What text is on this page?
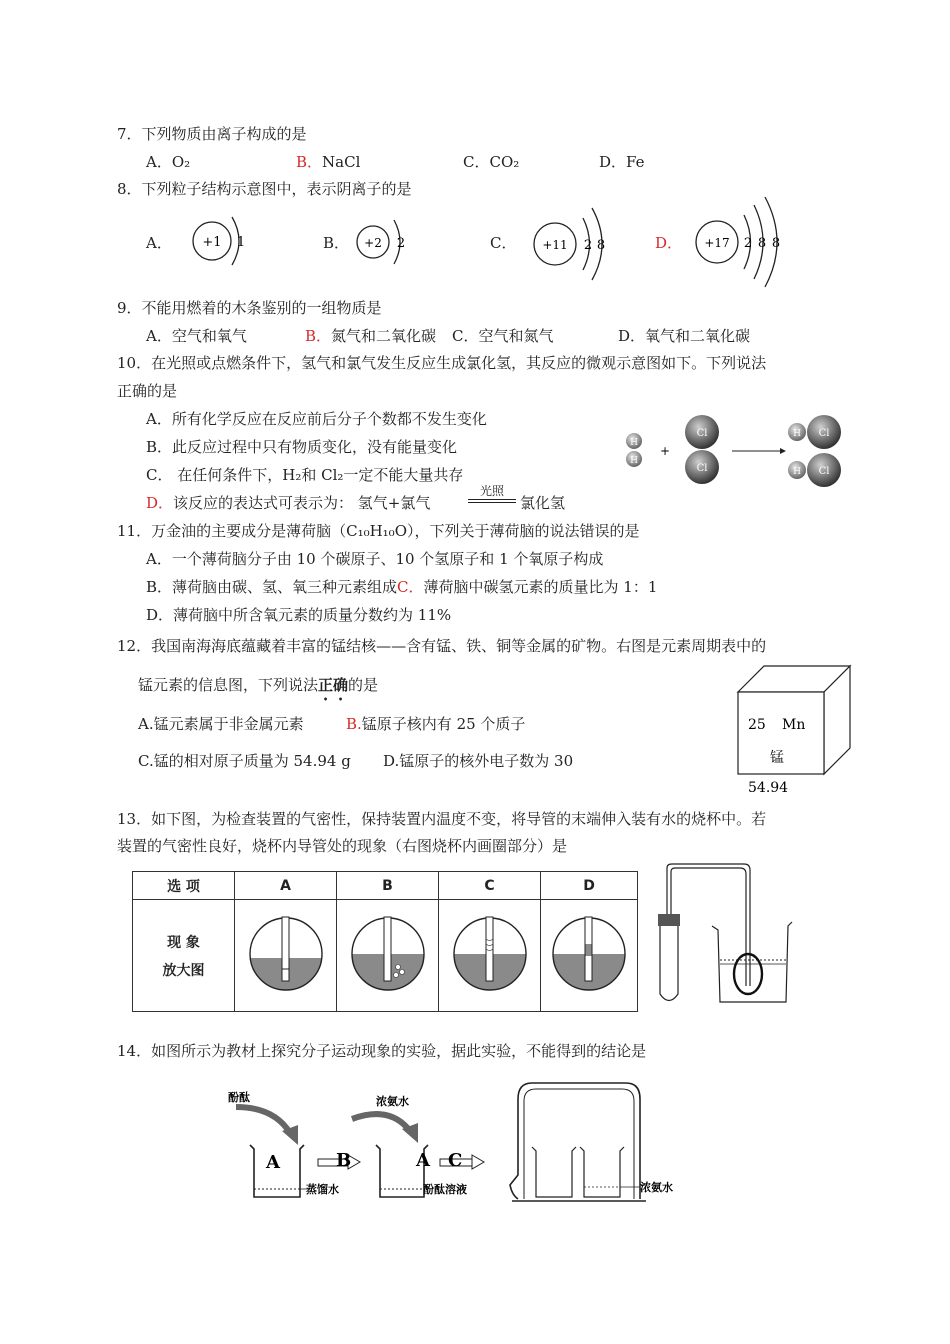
7．下列物质由离子构成的是
A．O₂	B．NaCl	C．CO₂	D．Fe
8．下列粒子结构示意图中，表示阴离子的是
A．	B．	C．	D．
+1 1	+2 2	+11 2 8	+17 2 8 8
9．不能用燃着的木条鉴别的一组物质是
A．空气和氧气	B．氮气和二氧化碳 C．空气和氮气	D．氧气和二氧化碳
10．在光照或点燃条件下，氢气和氯气发生反应生成氯化氢，其反应的微观示意图如下。下列说法
正确的是
A．所有化学反应在反应前后分子个数都不发生变化
B．此反应过程中只有物质变化，没有能量变化
C． 在任何条件下，H₂和 Cl₂一定不能大量共存
D．该反应的表达式可表示为： 氢气+氯气
光照
氯化氢
H
H
+
Cl
Cl
H Cl
H Cl
11．万金油的主要成分是薄荷脑（C₁₀H₁₀O），下列关于薄荷脑的说法错误的是
A．一个薄荷脑分子由 10 个碳原子、10 个氢原子和 1 个氧原子构成
B．薄荷脑由碳、氢、氧三种元素组成C．薄荷脑中碳氢元素的质量比为 1：1
D．薄荷脑中所含氧元素的质量分数约为 11%
12．我国南海海底蕴藏着丰富的锰结核——含有锰、铁、铜等金属的矿物。右图是元素周期表中的
锰元素的信息图，下列说法正确的是
A.锰元素属于非金属元素	B.锰原子核内有 25 个质子
C.锰的相对原子质量为 54.94 g D.锰原子的核外电子数为 30
25 Mn
锰
54.94
13．如下图，为检查装置的气密性，保持装置内温度不变，将导管的末端伸入装有水的烧杯中。若
装置的气密性良好，烧杯内导管处的现象（右图烧杯内画圈部分）是
选 项	A	B	C	D

现 象
放大图

14．如图所示为教材上探究分子运动现象的实验，据此实验，不能得到的结论是
酚酞	浓氨水
A
蒸馏水
B	A
酚酞溶液
C
浓氨水
